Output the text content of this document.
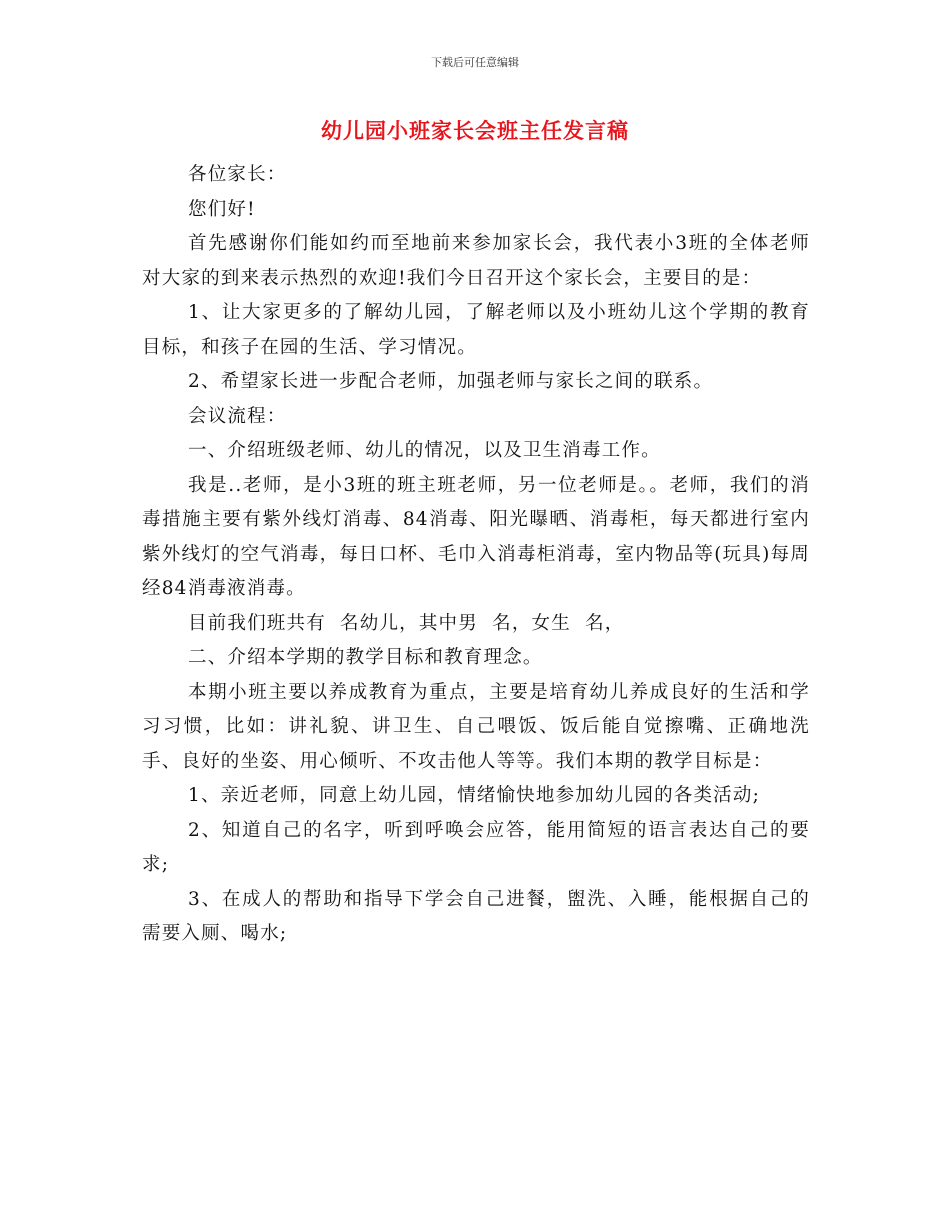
下载后可任意编辑
幼儿园小班家长会班主任发言稿

各位家长：

您们好!

首先感谢你们能如约而至地前来参加家长会，我代表小3班的全体老师对大家的到来表示热烈的欢迎!我们今日召开这个家长会，主要目的是：

1、让大家更多的了解幼儿园，了解老师以及小班幼儿这个学期的教育目标，和孩子在园的生活、学习情况。

2、希望家长进一步配合老师，加强老师与家长之间的联系。

会议流程：

一、介绍班级老师、幼儿的情况，以及卫生消毒工作。

我是..老师，是小3班的班主班老师，另一位老师是。。老师，我们的消毒措施主要有紫外线灯消毒、84消毒、阳光曝晒、消毒柜，每天都进行室内紫外线灯的空气消毒，每日口杯、毛巾入消毒柜消毒，室内物品等(玩具)每周经84消毒液消毒。

目前我们班共有  名幼儿，其中男  名，女生  名，

二、介绍本学期的教学目标和教育理念。

本期小班主要以养成教育为重点，主要是培育幼儿养成良好的生活和学习习惯，比如：讲礼貌、讲卫生、自己喂饭、饭后能自觉擦嘴、正确地洗手、良好的坐姿、用心倾听、不攻击他人等等。我们本期的教学目标是：

1、亲近老师，同意上幼儿园，情绪愉快地参加幼儿园的各类活动;

2、知道自己的名字，听到呼唤会应答，能用简短的语言表达自己的要求;

3、在成人的帮助和指导下学会自己进餐，盥洗、入睡，能根据自己的需要入厕、喝水;
